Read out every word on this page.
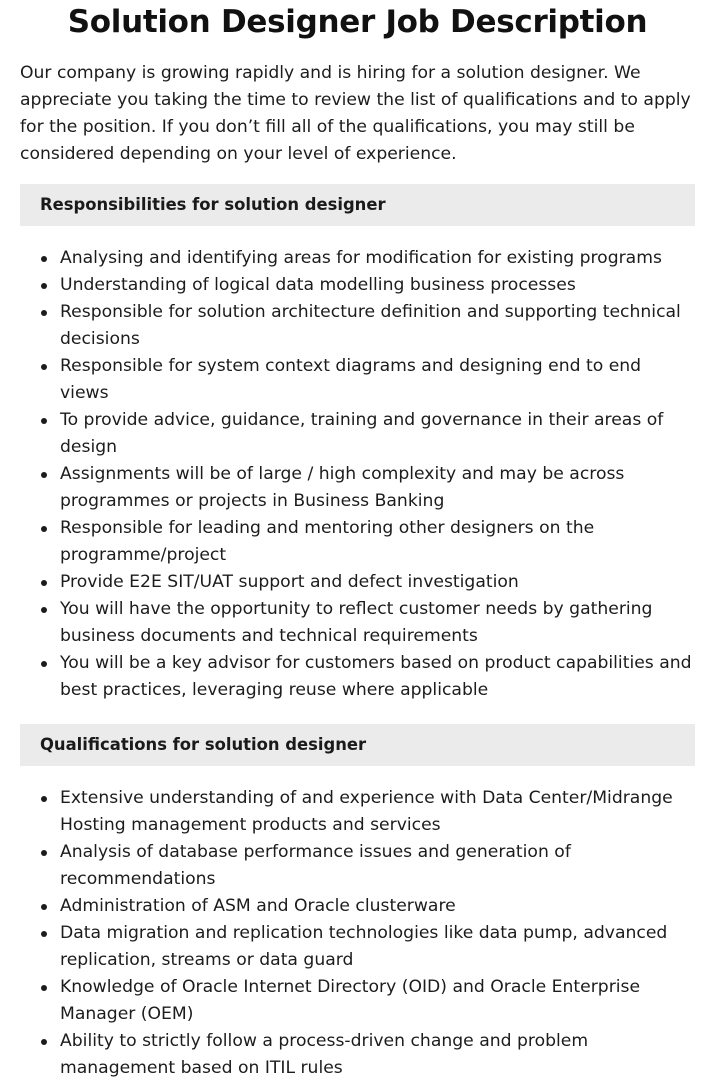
Solution Designer Job Description

Our company is growing rapidly and is hiring for a solution designer. We appreciate you taking the time to review the list of qualifications and to apply for the position. If you don’t fill all of the qualifications, you may still be considered depending on your level of experience.

Responsibilities for solution designer
Analysing and identifying areas for modification for existing programs
Understanding of logical data modelling business processes
Responsible for solution architecture definition and supporting technical decisions
Responsible for system context diagrams and designing end to end views
To provide advice, guidance, training and governance in their areas of design
Assignments will be of large / high complexity and may be across programmes or projects in Business Banking
Responsible for leading and mentoring other designers on the programme/project
Provide E2E SIT/UAT support and defect investigation
You will have the opportunity to reflect customer needs by gathering business documents and technical requirements
You will be a key advisor for customers based on product capabilities and best practices, leveraging reuse where applicable
Qualifications for solution designer
Extensive understanding of and experience with Data Center/Midrange Hosting management products and services
Analysis of database performance issues and generation of recommendations
Administration of ASM and Oracle clusterware
Data migration and replication technologies like data pump, advanced replication, streams or data guard
Knowledge of Oracle Internet Directory (OID) and Oracle Enterprise Manager (OEM)
Ability to strictly follow a process-driven change and problem management based on ITIL rules
